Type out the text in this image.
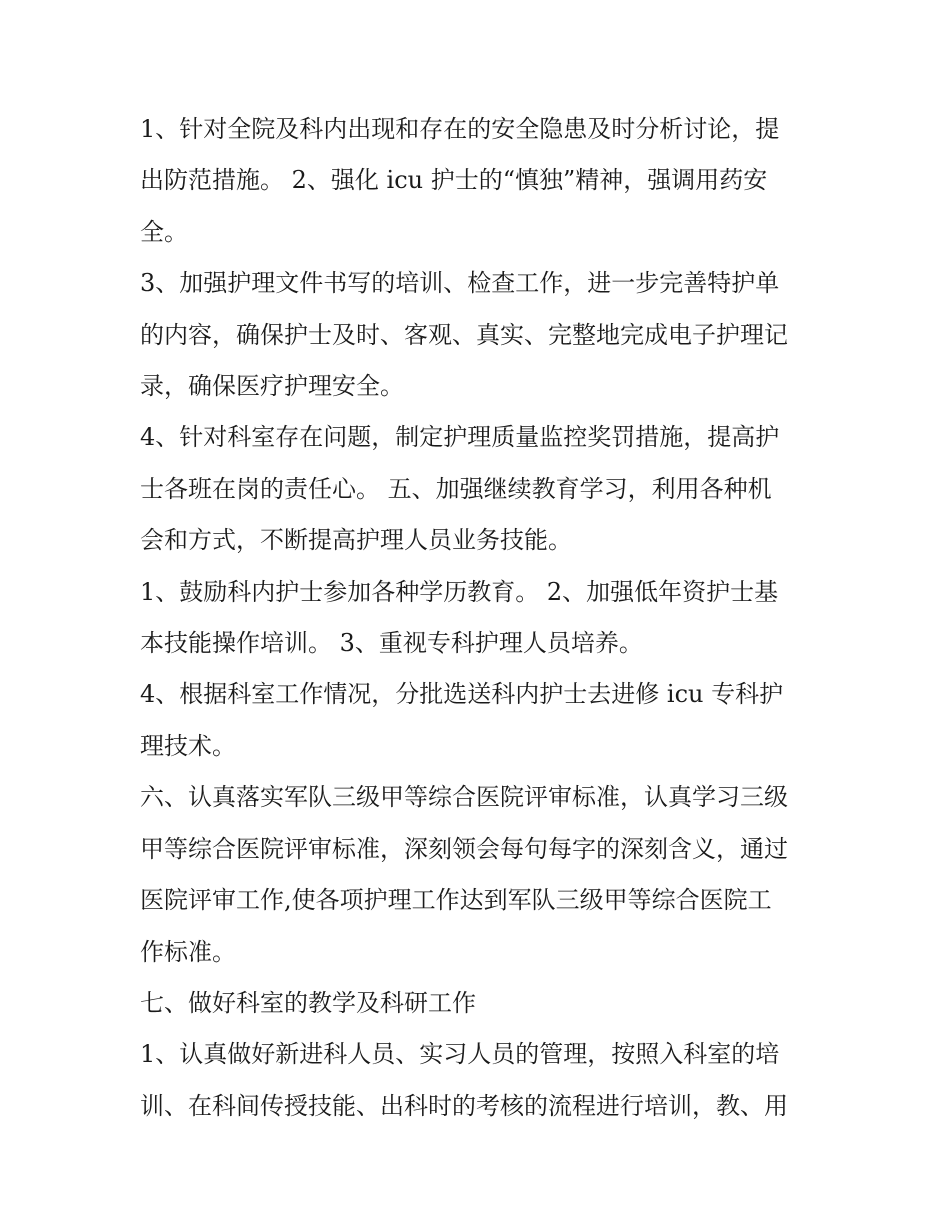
1、针对全院及科内出现和存在的安全隐患及时分析讨论，提
出防范措施。 2、强化 icu 护士的“慎独”精神，强调用药安
全。

3、加强护理文件书写的培训、检查工作，进一步完善特护单
的内容，确保护士及时、客观、真实、完整地完成电子护理记
录，确保医疗护理安全。

4、针对科室存在问题，制定护理质量监控奖罚措施，提高护
士各班在岗的责任心。 五、加强继续教育学习，利用各种机
会和方式，不断提高护理人员业务技能。

1、鼓励科内护士参加各种学历教育。 2、加强低年资护士基
本技能操作培训。 3、重视专科护理人员培养。

4、根据科室工作情况，分批选送科内护士去进修 icu 专科护
理技术。

六、认真落实军队三级甲等综合医院评审标准，认真学习三级
甲等综合医院评审标准，深刻领会每句每字的深刻含义，通过
医院评审工作,使各项护理工作达到军队三级甲等综合医院工
作标准。

七、做好科室的教学及科研工作

1、认真做好新进科人员、实习人员的管理，按照入科室的培
训、在科间传授技能、出科时的考核的流程进行培训，教、用
